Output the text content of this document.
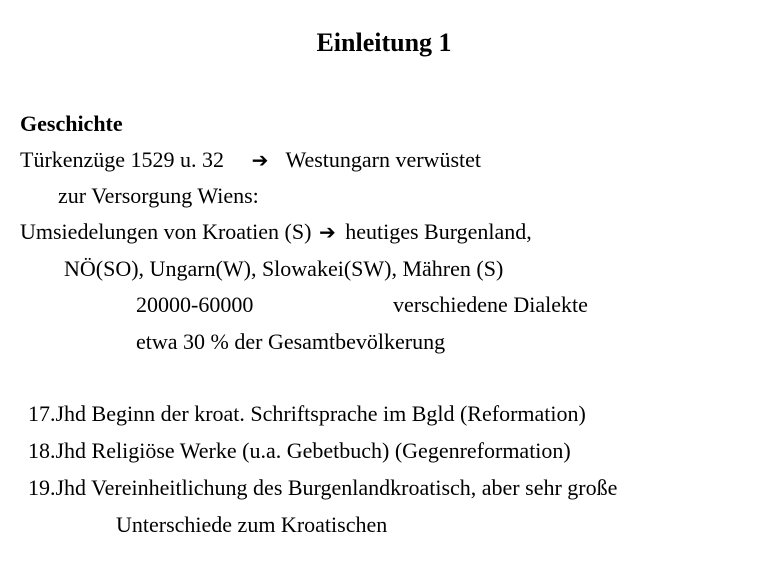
Einleitung 1
Geschichte
Türkenzüge 1529 u. 32 ➔ Westungarn verwüstet
zur Versorgung Wiens:
Umsiedelungen von Kroatien (S) ➔ heutiges Burgenland,
NÖ(SO), Ungarn(W), Slowakei(SW), Mähren (S)
20000-60000	verschiedene Dialekte
etwa 30 % der Gesamtbevölkerung
17.Jhd Beginn der kroat. Schriftsprache im Bgld (Reformation)
18.Jhd Religiöse Werke (u.a. Gebetbuch) (Gegenreformation)
19.Jhd Vereinheitlichung des Burgenlandkroatisch, aber sehr große
Unterschiede zum Kroatischen
